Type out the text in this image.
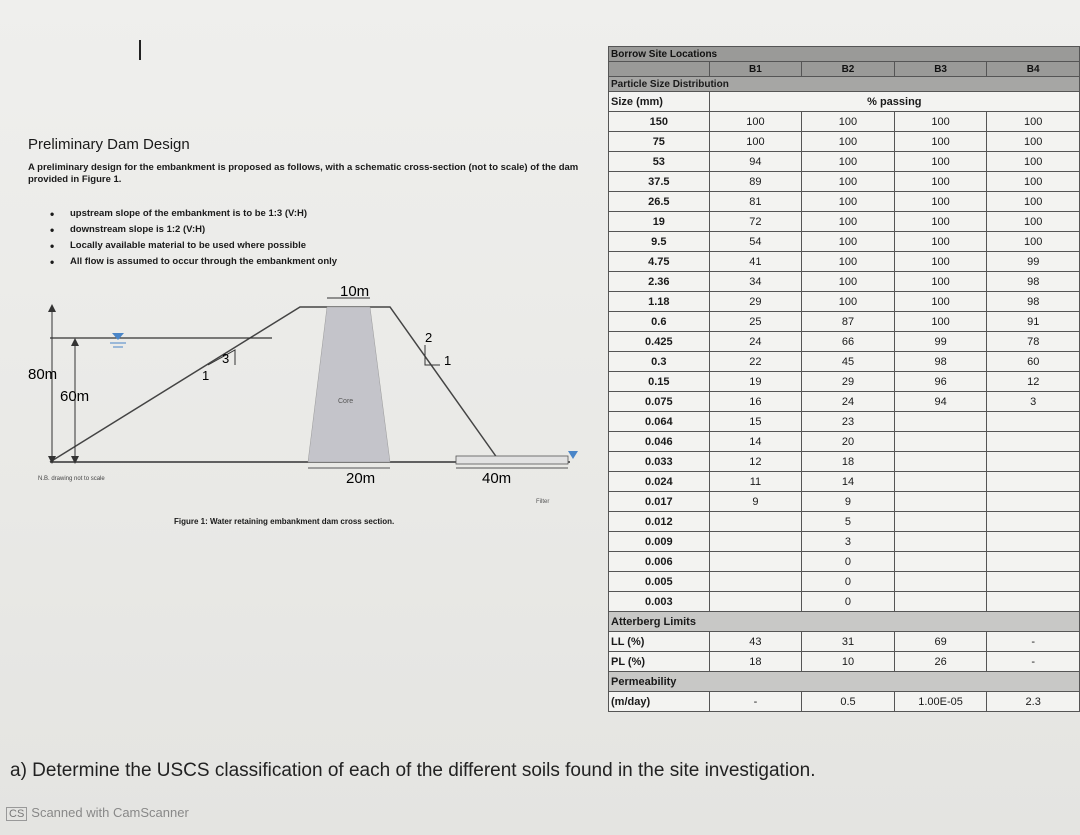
Preliminary Dam Design
A preliminary design for the embankment is proposed as follows, with a schematic cross-section (not to scale) of the dam provided in Figure 1.
• upstream slope of the embankment is to be 1:3 (V:H)
• downstream slope is 1:2 (V:H)
• Locally available material to be used where possible
• All flow is assumed to occur through the embankment only
10m
80m
60m	Core
20m	40m
Filter
1
3
2
1
N.B. drawing not to scale
Figure 1: Water retaining embankment dam cross section.
Borrow Site Locations				
	B1	B2	B3	B4
Particle Size Distribution				
Size (mm)	% passing			
150	100	100	100	100
75	100	100	100	100
53	94	100	100	100
37.5	89	100	100	100
26.5	81	100	100	100
19	72	100	100	100
9.5	54	100	100	100
4.75	41	100	100	99
2.36	34	100	100	98
1.18	29	100	100	98
0.6	25	87	100	91
0.425	24	66	99	78
0.3	22	45	98	60
0.15	19	29	96	12
0.075	16	24	94	3
0.064	15	23		
0.046	14	20		
0.033	12	18		
0.024	11	14		
0.017	9	9		
0.012		5		
0.009		3		
0.006		0		
0.005		0		
0.003		0		
Atterberg Limits				
LL (%)	43	31	69	-
PL (%)	18	10	26	-
Permeability				
(m/day)	-	0.5	1.00E-05	2.3
a) Determine the USCS classification of each of the different soils found in the site investigation.
CS Scanned with CamScanner
